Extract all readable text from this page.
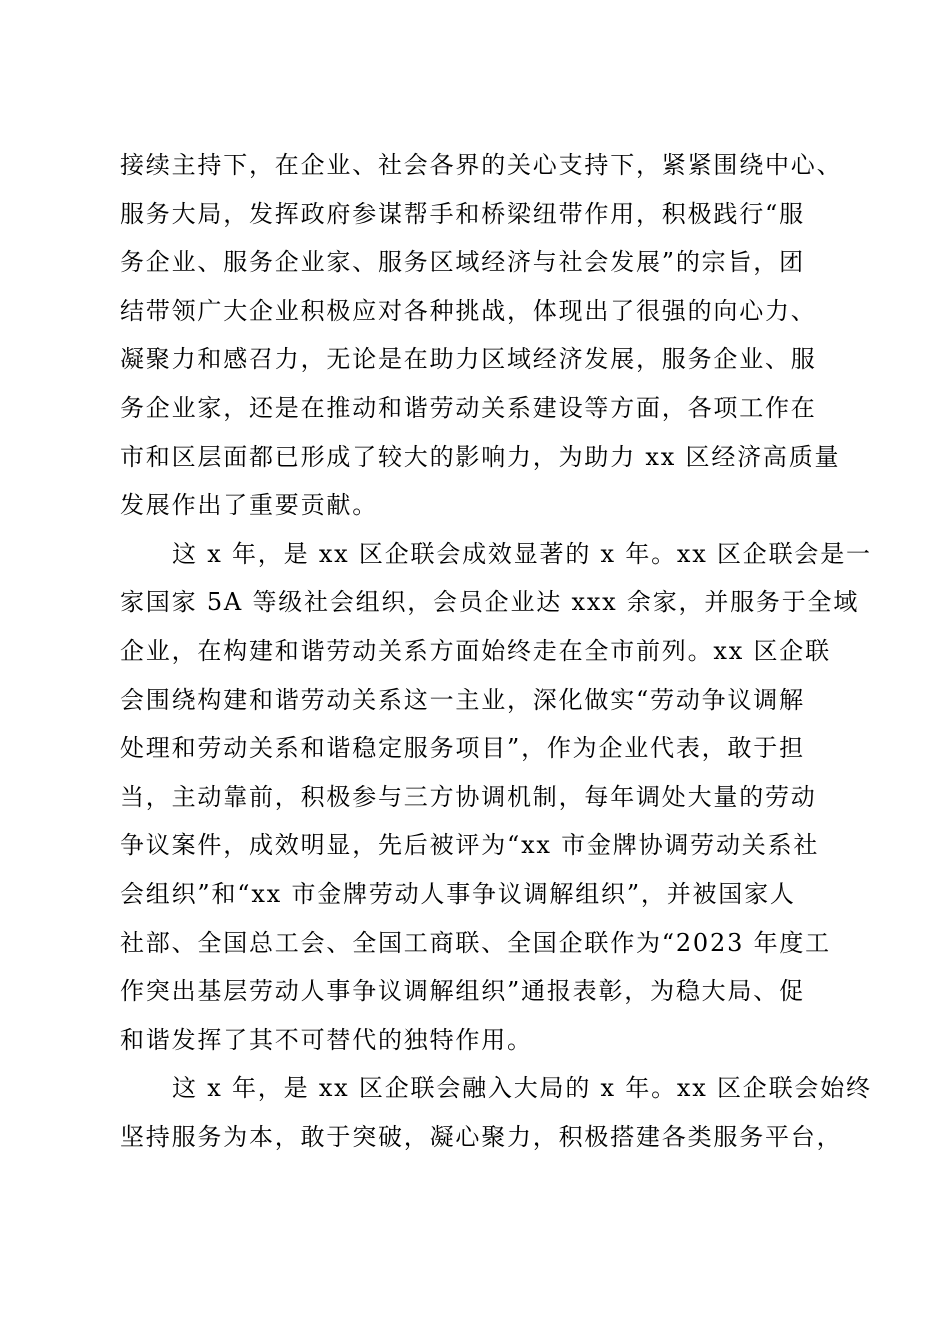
接续主持下，在企业、社会各界的关心支持下，紧紧围绕中心、
服务大局，发挥政府参谋帮手和桥梁纽带作用，积极践行“服
务企业、服务企业家、服务区域经济与社会发展”的宗旨，团
结带领广大企业积极应对各种挑战，体现出了很强的向心力、
凝聚力和感召力，无论是在助力区域经济发展，服务企业、服
务企业家，还是在推动和谐劳动关系建设等方面，各项工作在
市和区层面都已形成了较大的影响力，为助力 xx 区经济高质量
发展作出了重要贡献。
这 x 年，是 xx 区企联会成效显著的 x 年。xx 区企联会是一
家国家 5A 等级社会组织，会员企业达 xxx 余家，并服务于全域
企业，在构建和谐劳动关系方面始终走在全市前列。xx 区企联
会围绕构建和谐劳动关系这一主业，深化做实“劳动争议调解
处理和劳动关系和谐稳定服务项目”，作为企业代表，敢于担
当，主动靠前，积极参与三方协调机制，每年调处大量的劳动
争议案件，成效明显，先后被评为“xx 市金牌协调劳动关系社
会组织”和“xx 市金牌劳动人事争议调解组织”，并被国家人
社部、全国总工会、全国工商联、全国企联作为“2023 年度工
作突出基层劳动人事争议调解组织”通报表彰，为稳大局、促
和谐发挥了其不可替代的独特作用。
这 x 年，是 xx 区企联会融入大局的 x 年。xx 区企联会始终
坚持服务为本，敢于突破，凝心聚力，积极搭建各类服务平台，
